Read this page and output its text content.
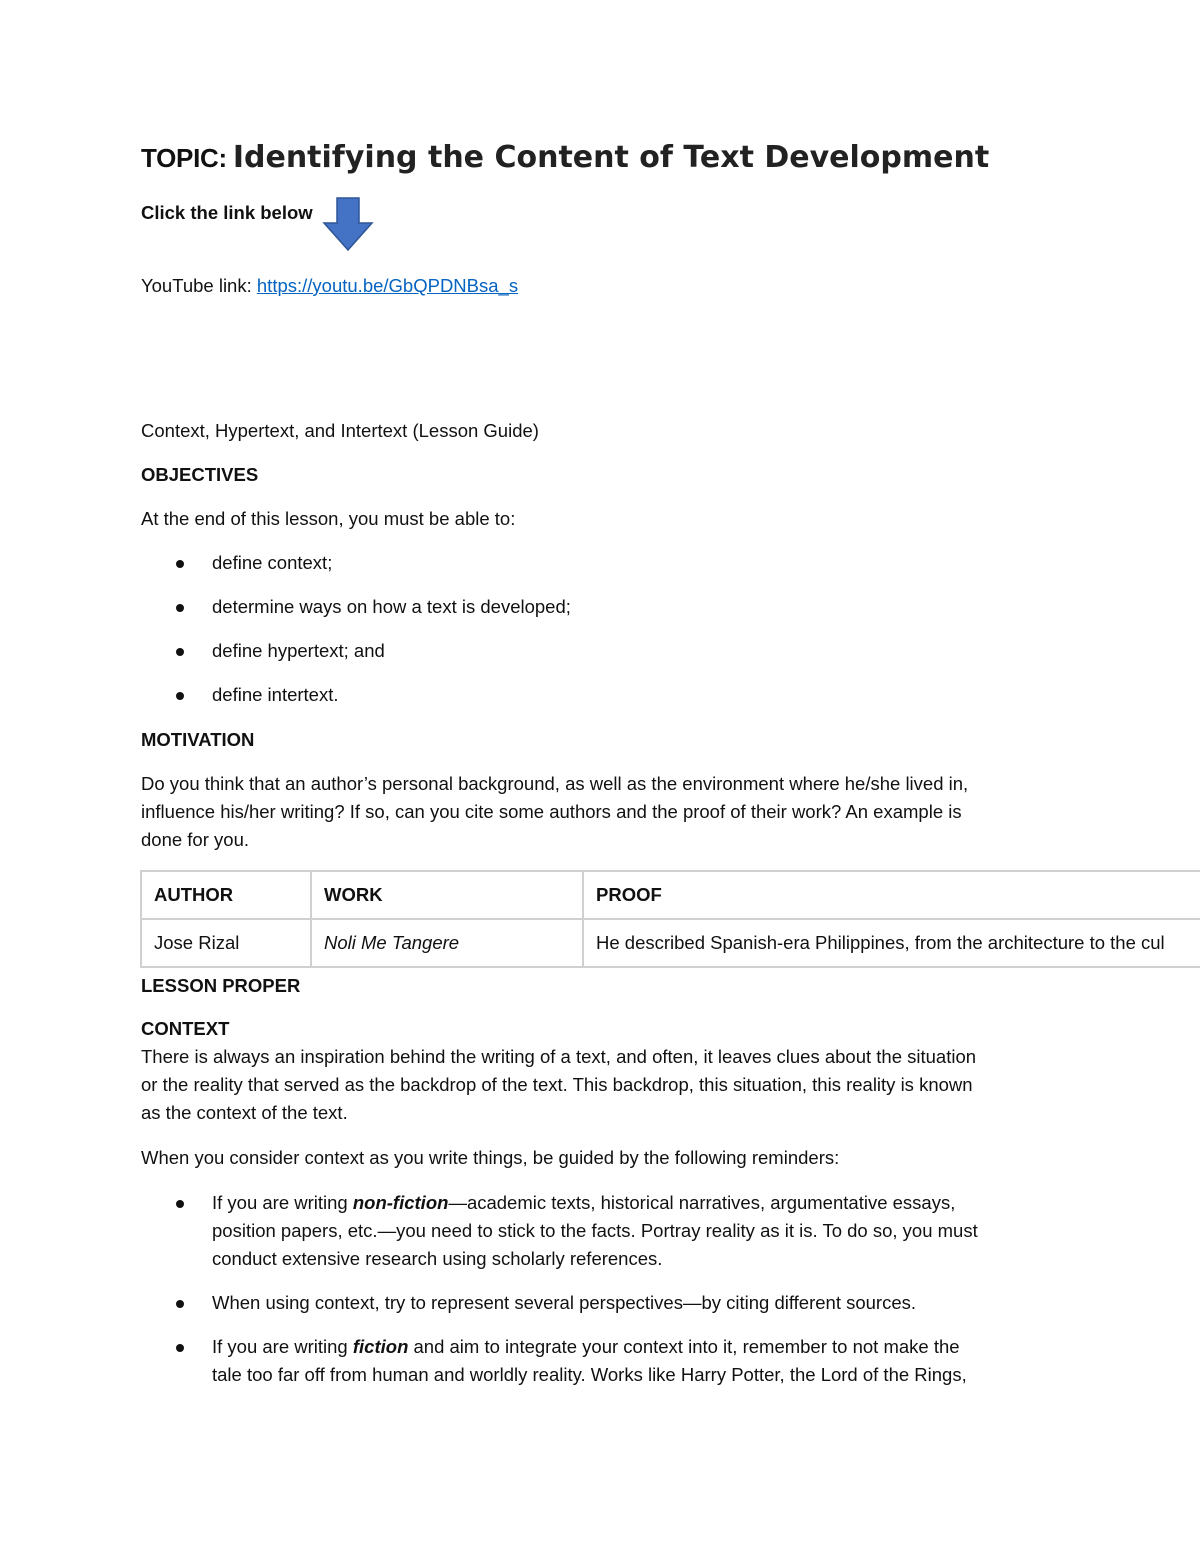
TOPIC: Identifying the Content of Text Development
Click the link below
YouTube link: https://youtu.be/GbQPDNBsa_s
Context, Hypertext, and Intertext (Lesson Guide)
OBJECTIVES
At the end of this lesson, you must be able to:
define context;
determine ways on how a text is developed;
define hypertext; and
define intertext.
MOTIVATION
Do you think that an author’s personal background, as well as the environment where he/she lived in,
influence his/her writing? If so, can you cite some authors and the proof of their work? An example is
done for you.
AUTHOR	WORK	PROOF
Jose Rizal	Noli Me Tangere	He described Spanish-era Philippines, from the architecture to the cul
LESSON PROPER
CONTEXT
There is always an inspiration behind the writing of a text, and often, it leaves clues about the situation
or the reality that served as the backdrop of the text. This backdrop, this situation, this reality is known
as the context of the text.
When you consider context as you write things, be guided by the following reminders:
If you are writing non-fiction—academic texts, historical narratives, argumentative essays,
position papers, etc.—you need to stick to the facts. Portray reality as it is. To do so, you must
conduct extensive research using scholarly references.
When using context, try to represent several perspectives—by citing different sources.
If you are writing fiction and aim to integrate your context into it, remember to not make the
tale too far off from human and worldly reality. Works like Harry Potter, the Lord of the Rings,
